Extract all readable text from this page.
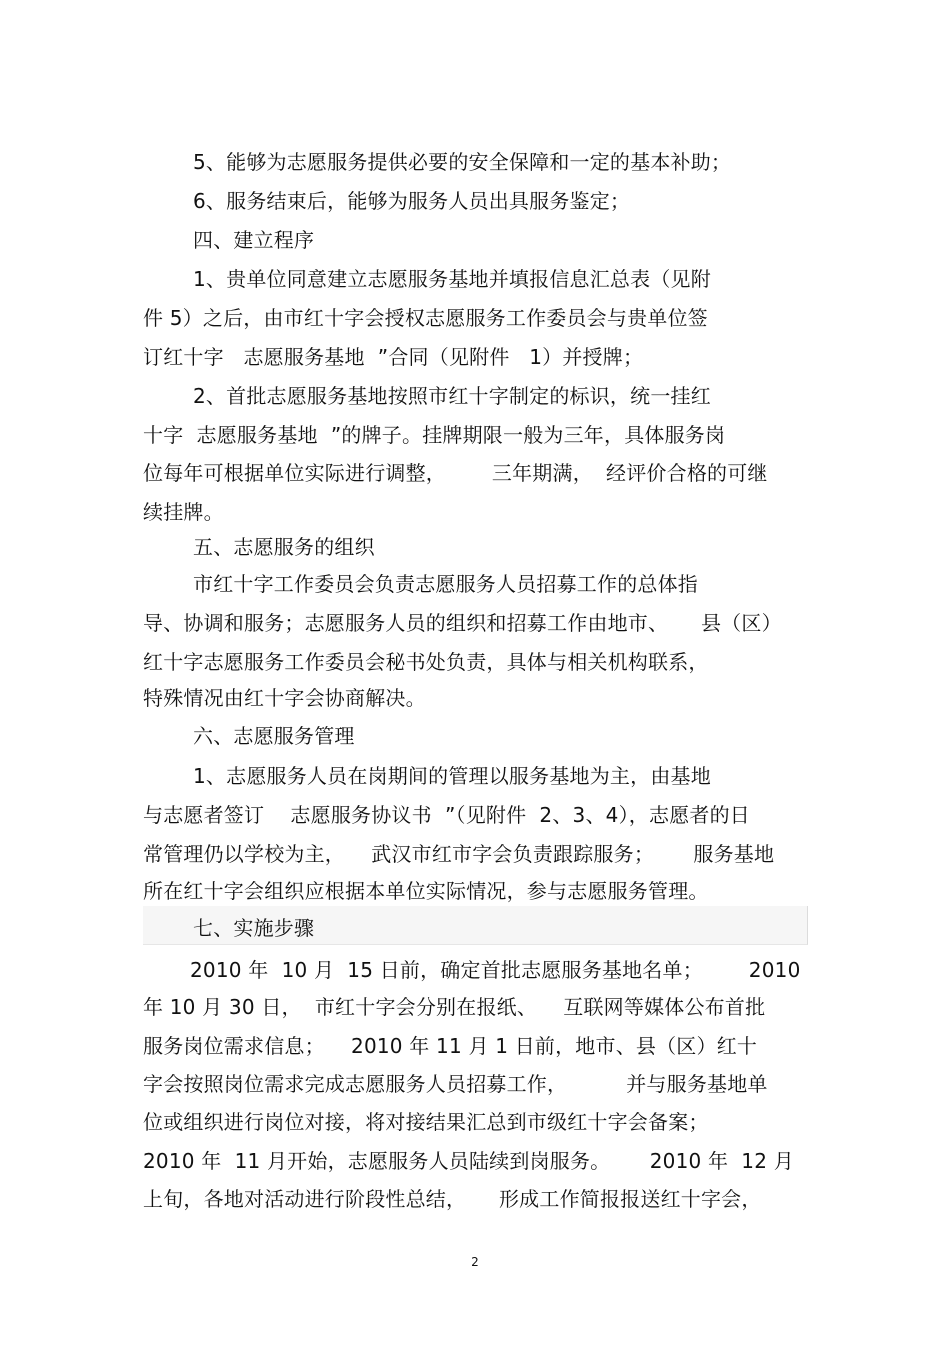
5、能够为志愿服务提供必要的安全保障和一定的基本补助；
6、服务结束后，能够为服务人员出具服务鉴定；
四、建立程序
1、贵单位同意建立志愿服务基地并填报信息汇总表（见附
件 5）之后，由市红十字会授权志愿服务工作委员会与贵单位签
订红十字   志愿服务基地  ”合同（见附件   1）并授牌；
2、首批志愿服务基地按照市红十字制定的标识，统一挂红
十字  志愿服务基地  ”的牌子。挂牌期限一般为三年，具体服务岗
位每年可根据单位实际进行调整，       三年期满，  经评价合格的可继
续挂牌。
五、志愿服务的组织
市红十字工作委员会负责志愿服务人员招募工作的总体指
导、协调和服务；志愿服务人员的组织和招募工作由地市、     县（区）
红十字志愿服务工作委员会秘书处负责，具体与相关机构联系，
特殊情况由红十字会协商解决。
六、志愿服务管理
1、志愿服务人员在岗期间的管理以服务基地为主，由基地
与志愿者签订    志愿服务协议书  ”（见附件  2、3、4），志愿者的日
常管理仍以学校为主，    武汉市红市字会负责跟踪服务；      服务基地
所在红十字会组织应根据本单位实际情况，参与志愿服务管理。
七、实施步骤
2010 年  10 月  15 日前，确定首批志愿服务基地名单；       2010
年 10 月 30 日，  市红十字会分别在报纸、    互联网等媒体公布首批
服务岗位需求信息；    2010 年 11 月 1 日前，地市、县（区）红十
字会按照岗位需求完成志愿服务人员招募工作，         并与服务基地单
位或组织进行岗位对接，将对接结果汇总到市级红十字会备案；
2010 年  11 月开始，志愿服务人员陆续到岗服务。      2010 年  12 月
上旬，各地对活动进行阶段性总结，     形成工作简报报送红十字会，
2
